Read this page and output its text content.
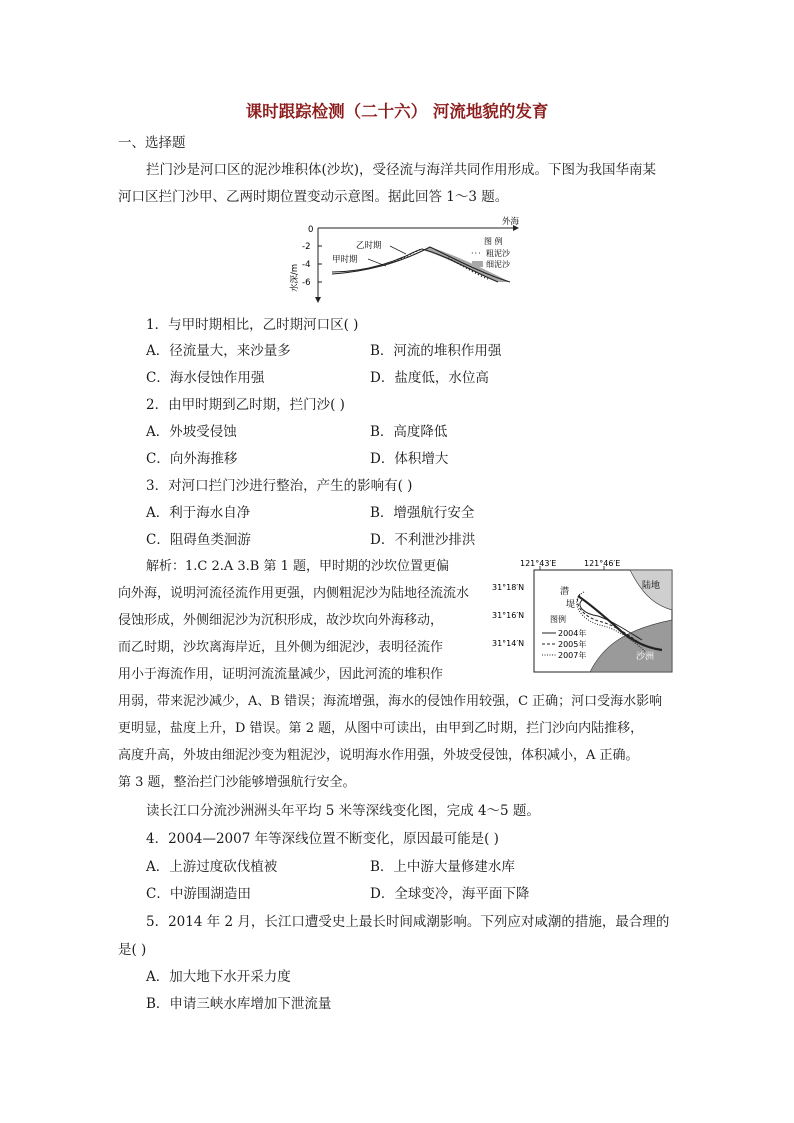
课时跟踪检测（二十六） 河流地貌的发育
一、选择题
拦门沙是河口区的泥沙堆积体(沙坎)，受径流与海洋共同作用形成。下图为我国华南某
河口区拦门沙甲、乙两时期位置变动示意图。据此回答 1～3 题。
0
-2
-4
-6
水深/m
外海
乙时期
甲时期
图 例
··· 粗泥沙
细泥沙
1．与甲时期相比，乙时期河口区( )
A．径流量大，来沙量多	B．河流的堆积作用强
C．海水侵蚀作用强	D．盐度低，水位高
2．由甲时期到乙时期，拦门沙( )
A．外坡受侵蚀	B．高度降低
C．向外海推移	D．体积增大
3．对河口拦门沙进行整治，产生的影响有( )
A．利于海水自净	B．增强航行安全
C．阻碍鱼类洄游	D．不利泄沙排洪
解析：1.C 2.A 3.B 第 1 题，甲时期的沙坎位置更偏
向外海，说明河流径流作用更强，内侧粗泥沙为陆地径流流水
侵蚀形成，外侧细泥沙为沉积形成，故沙坎向外海移动，
而乙时期，沙坎离海岸近，且外侧为细泥沙，表明径流作
用小于海流作用，证明河流流量减少，因此河流的堆积作
用弱，带来泥沙减少，A、B 错误；海流增强，海水的侵蚀作用较强，C 正确；河口受海水影响
更明显，盐度上升，D 错误。第 2 题，从图中可读出，由甲到乙时期，拦门沙向内陆推移，
高度升高，外坡由细泥沙变为粗泥沙，说明海水作用强，外坡受侵蚀，体积减小，A 正确。
第 3 题，整治拦门沙能够增强航行安全。
121°43′E	121°46′E
陆地
沙洲
31°18′N
31°16′N
31°14′N
潜
堤
图例
2004年
2005年
2007年
读长江口分流沙洲洲头年平均 5 米等深线变化图，完成 4～5 题。
4．2004—2007 年等深线位置不断变化，原因最可能是( )
A．上游过度砍伐植被	B．上中游大量修建水库
C．中游围湖造田	D．全球变冷，海平面下降
5．2014 年 2 月，长江口遭受史上最长时间咸潮影响。下列应对咸潮的措施，最合理的
是( )
A．加大地下水开采力度
B．申请三峡水库增加下泄流量
